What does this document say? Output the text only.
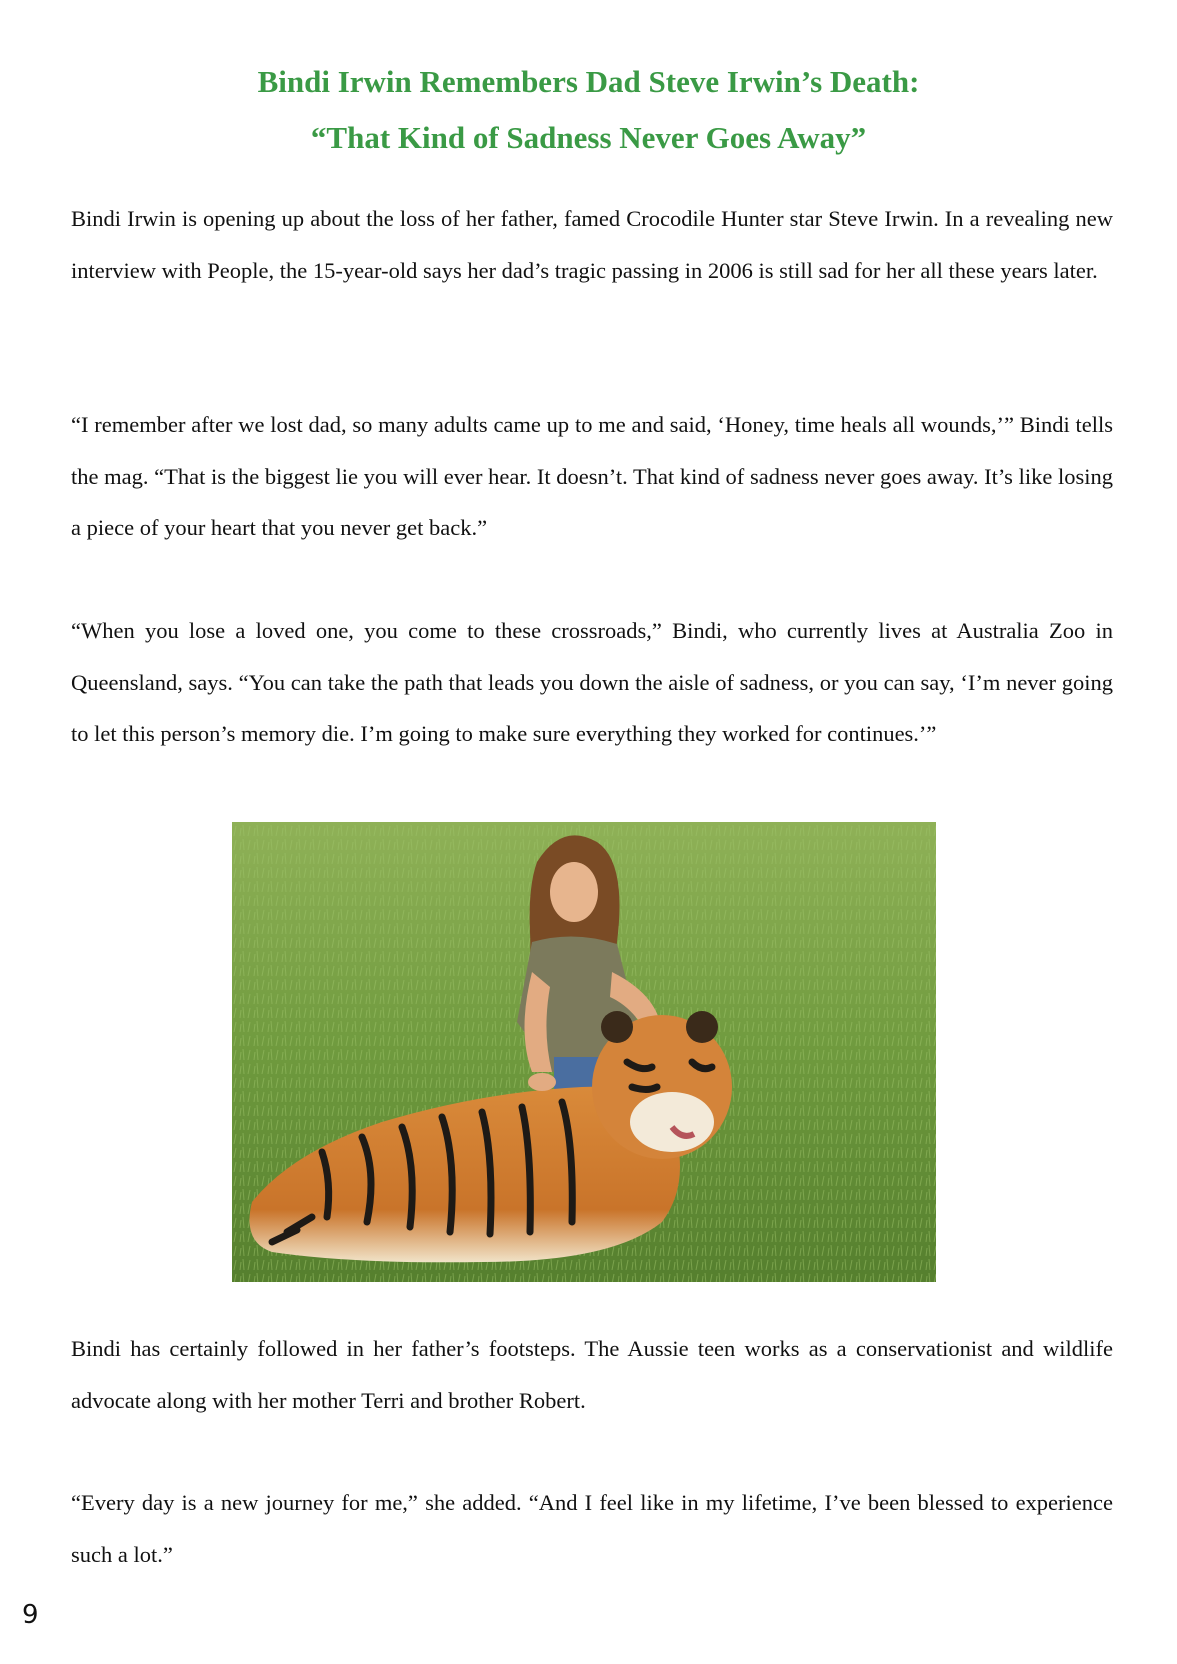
Bindi Irwin Remembers Dad Steve Irwin’s Death:
“That Kind of Sadness Never Goes Away”

Bindi Irwin is opening up about the loss of her father, famed Crocodile Hunter star Steve Irwin. In a revealing new interview with People, the 15-year-old says her dad’s tragic passing in 2006 is still sad for her all these years later.

“I remember after we lost dad, so many adults came up to me and said, ‘Honey, time heals all wounds,’” Bindi tells the mag. “That is the biggest lie you will ever hear. It doesn’t. That kind of sadness never goes away. It’s like losing a piece of your heart that you never get back.”

“When you lose a loved one, you come to these crossroads,” Bindi, who currently lives at Australia Zoo in Queensland, says. “You can take the path that leads you down the aisle of sadness, or you can say, ‘I’m never going to let this person’s memory die. I’m going to make sure everything they worked for continues.’”

Bindi has certainly followed in her father’s footsteps. The Aussie teen works as a conservationist and wildlife advocate along with her mother Terri and brother Robert.

“Every day is a new journey for me,” she added. “And I feel like in my lifetime, I’ve been blessed to experience such a lot.”

9
